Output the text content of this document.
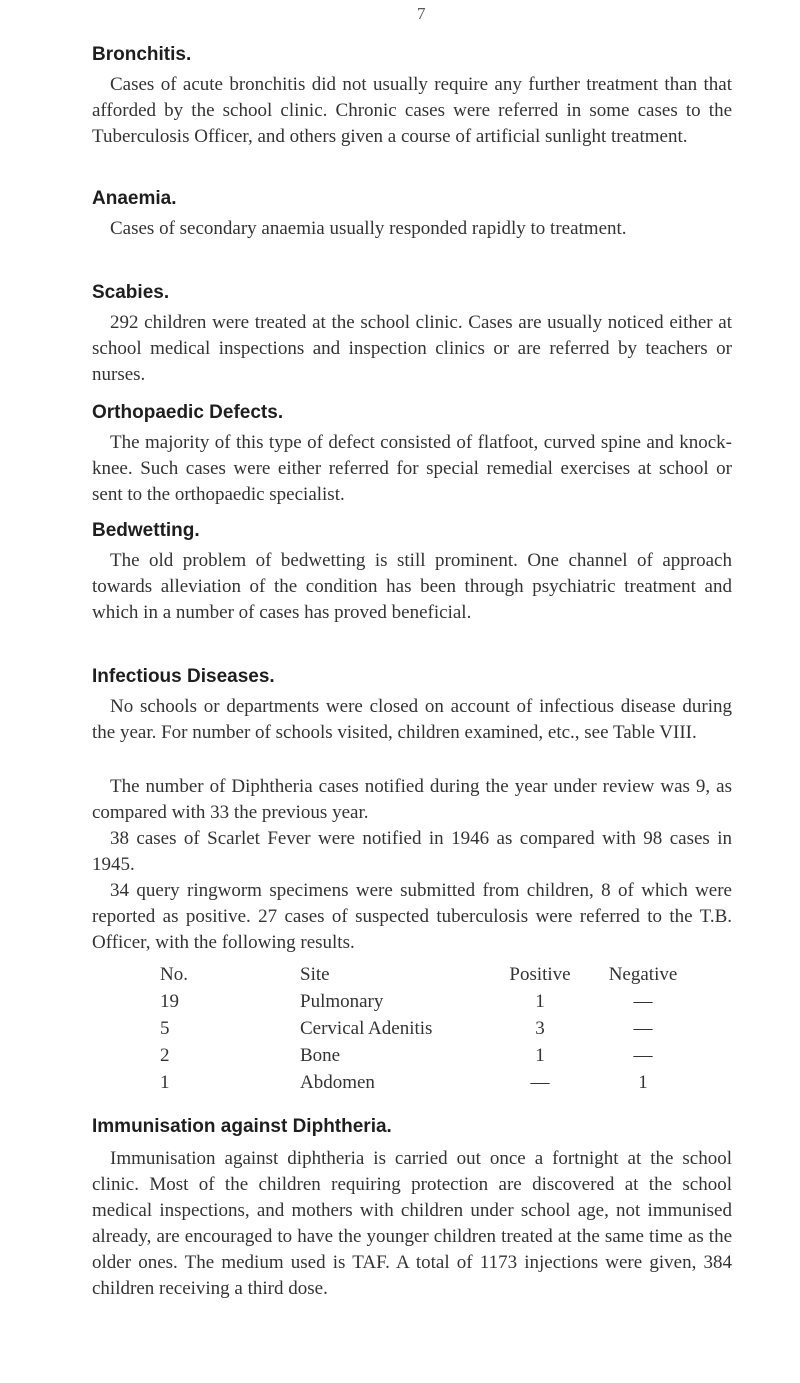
7
Bronchitis.

Cases of acute bronchitis did not usually require any further treatment than that afforded by the school clinic. Chronic cases were referred in some cases to the Tuberculosis Officer, and others given a course of artificial sunlight treatment.

Anaemia.

Cases of secondary anaemia usually responded rapidly to treatment.

Scabies.

292 children were treated at the school clinic. Cases are usually noticed either at school medical inspections and inspection clinics or are referred by teachers or nurses.

Orthopaedic Defects.

The majority of this type of defect consisted of flatfoot, curved spine and knock-knee. Such cases were either referred for special remedial exercises at school or sent to the orthopaedic specialist.

Bedwetting.

The old problem of bedwetting is still prominent. One channel of approach towards alleviation of the condition has been through psychiatric treatment and which in a number of cases has proved beneficial.

Infectious Diseases.

No schools or departments were closed on account of infectious disease during the year. For number of schools visited, children examined, etc., see Table VIII.

The number of Diphtheria cases notified during the year under review was 9, as compared with 33 the previous year.

38 cases of Scarlet Fever were notified in 1946 as compared with 98 cases in 1945.

34 query ringworm specimens were submitted from children, 8 of which were reported as positive. 27 cases of suspected tuberculosis were referred to the T.B. Officer, with the following results.

No.	Site	Positive	Negative
19	Pulmonary	1	—
5	Cervical Adenitis	3	—
2	Bone	1	—
1	Abdomen	—	1
Immunisation against Diphtheria.

Immunisation against diphtheria is carried out once a fortnight at the school clinic. Most of the children requiring protection are discovered at the school medical inspections, and mothers with children under school age, not immunised already, are encouraged to have the younger children treated at the same time as the older ones. The medium used is TAF. A total of 1173 injections were given, 384 children receiving a third dose.
